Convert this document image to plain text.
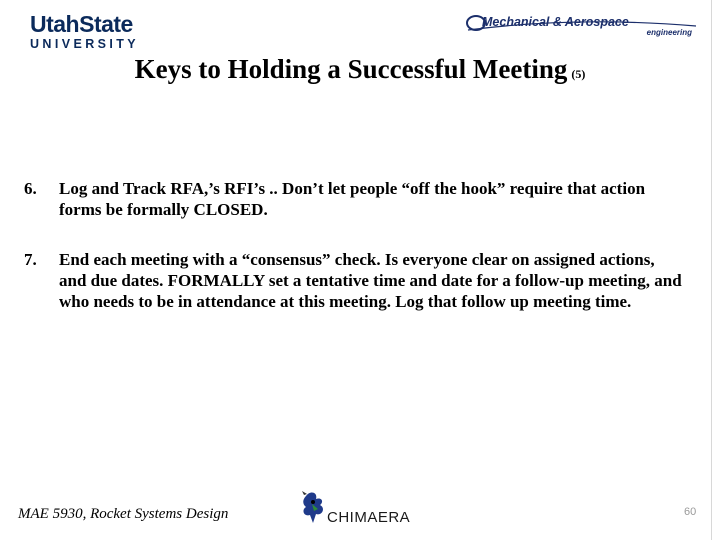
UtahState
UNIVERSITY
Mechanical & Aerospace
engineering
Keys to Holding a Successful Meeting (5)
6. Log and Track RFA,’s RFI’s .. Don’t let people “off the hook” require that action forms be formally CLOSED.
7. End each meeting with a “consensus” check. Is everyone clear on assigned actions, and due dates. FORMALLY set a tentative time and date for a follow-up meeting, and who needs to be in attendance at this meeting. Log that follow up meeting time.
MAE 5930, Rocket Systems Design	CHIMAERA	60
